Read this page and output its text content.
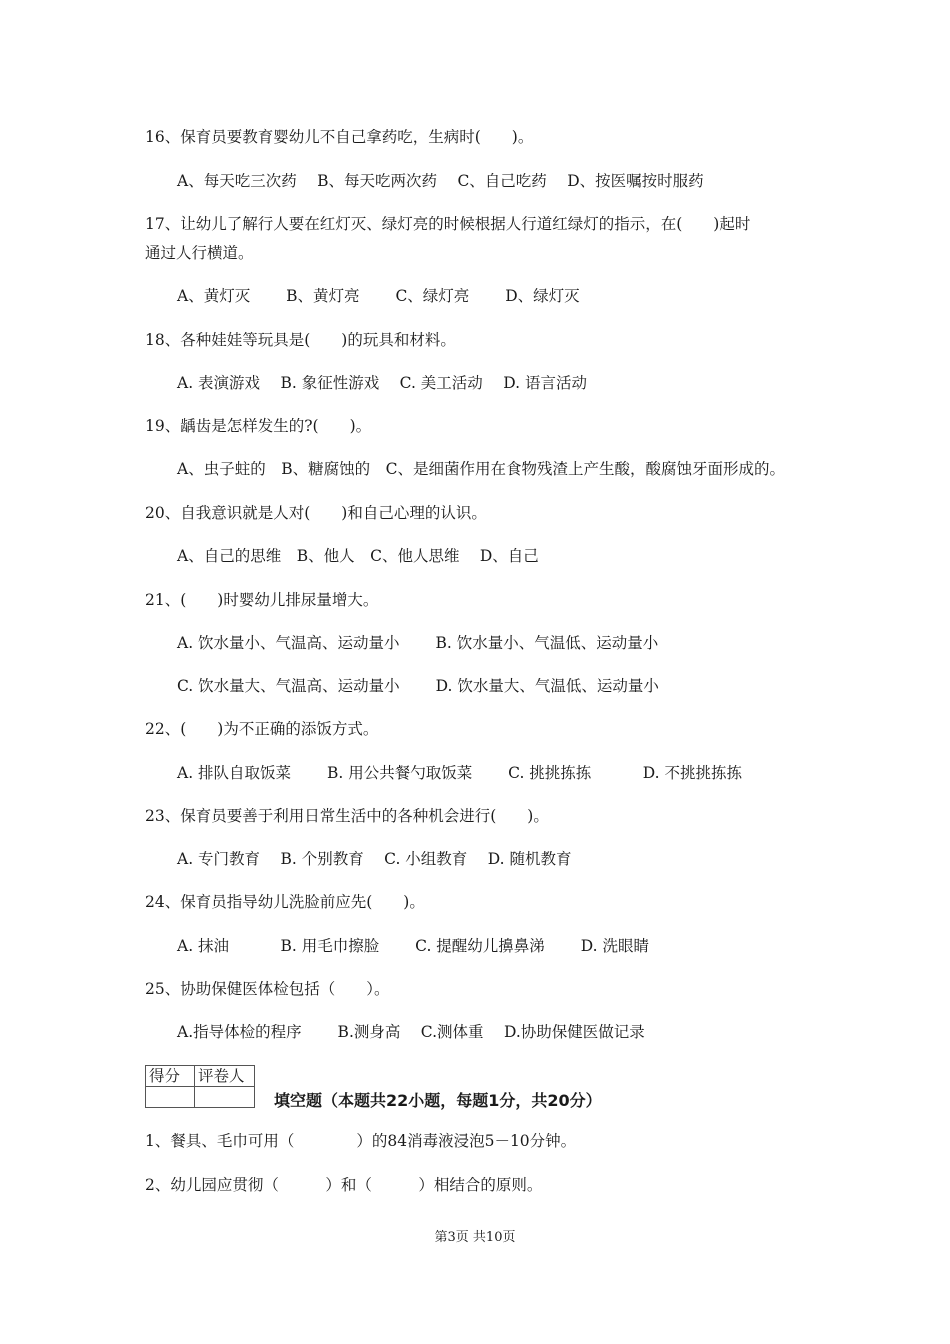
16、保育员要教育婴幼儿不自己拿药吃，生病时(　　)。
A、每天吃三次药　 B、每天吃两次药　 C、自己吃药　 D、按医嘱按时服药
17、让幼儿了解行人要在红灯灭、绿灯亮的时候根据人行道红绿灯的指示，在(　　)起时
通过人行横道。
A、黄灯灭　　 B、黄灯亮　　 C、绿灯亮　　 D、绿灯灭
18、各种娃娃等玩具是(　　)的玩具和材料。
A. 表演游戏　 B. 象征性游戏　 C. 美工活动　 D. 语言活动
19、龋齿是怎样发生的?(　　)。
A、虫子蛀的　B、糖腐蚀的　C、是细菌作用在食物残渣上产生酸，酸腐蚀牙面形成的。
20、自我意识就是人对(　　)和自己心理的认识。
A、自己的思维　B、他人　C、他人思维　 D、自己
21、(　　)时婴幼儿排尿量增大。
A. 饮水量小、气温高、运动量小　　 B. 饮水量小、气温低、运动量小
C. 饮水量大、气温高、运动量小　　 D. 饮水量大、气温低、运动量小
22、(　　)为不正确的添饭方式。
A. 排队自取饭菜　　 B. 用公共餐勺取饭菜　　 C. 挑挑拣拣　　　 D. 不挑挑拣拣
23、保育员要善于利用日常生活中的各种机会进行(　　)。
A. 专门教育　 B. 个别教育　 C. 小组教育　 D. 随机教育
24、保育员指导幼儿洗脸前应先(　　)。
A. 抹油　　　 B. 用毛巾擦脸　　 C. 提醒幼儿擤鼻涕　　 D. 洗眼睛
25、协助保健医体检包括（　　）。
A.指导体检的程序　　 B.测身高　 C.测体重　 D.协助保健医做记录
得分	评卷人

填空题（本题共22小题，每题1分，共20分）
1、餐具、毛巾可用（　　　　）的84消毒液浸泡5－10分钟。
2、幼儿园应贯彻（　　　）和（　　　）相结合的原则。
第3页 共10页
